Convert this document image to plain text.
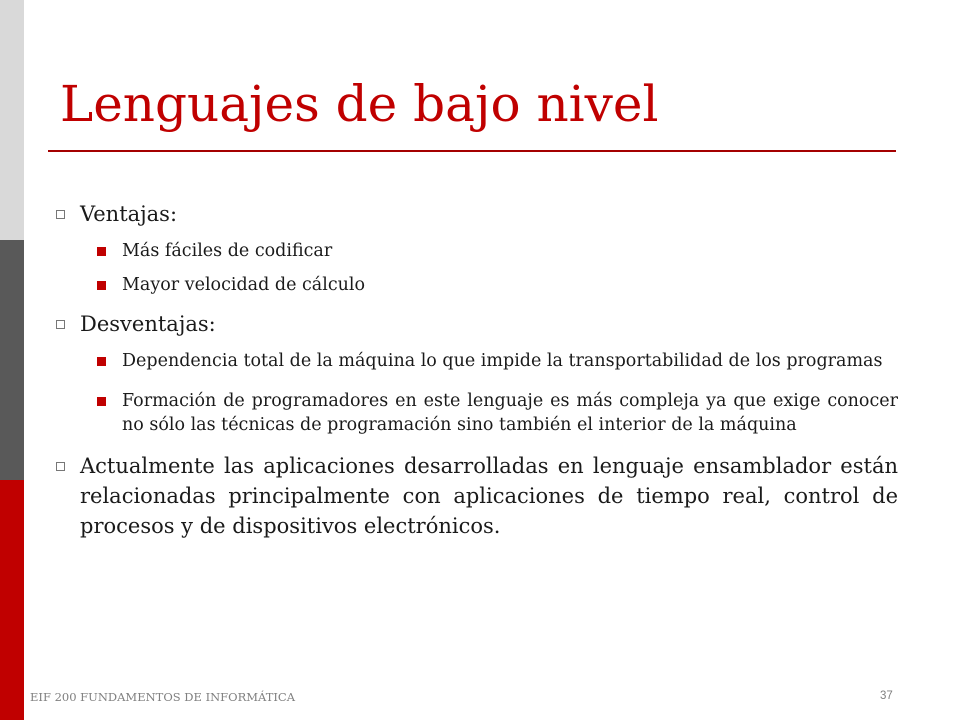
Lenguajes de bajo nivel
Ventajas:
Más fáciles de codificar
Mayor velocidad de cálculo
Desventajas:
Dependencia total de la máquina lo que impide la transportabilidad de los programas
Formación de programadores en este lenguaje es más compleja ya que exige conocer no sólo las técnicas de programación sino también el interior de la máquina
Actualmente las aplicaciones desarrolladas en lenguaje ensamblador están relacionadas principalmente con aplicaciones de tiempo real, control de procesos y de dispositivos electrónicos.
EIF 200 FUNDAMENTOS DE INFORMÁTICA	37
